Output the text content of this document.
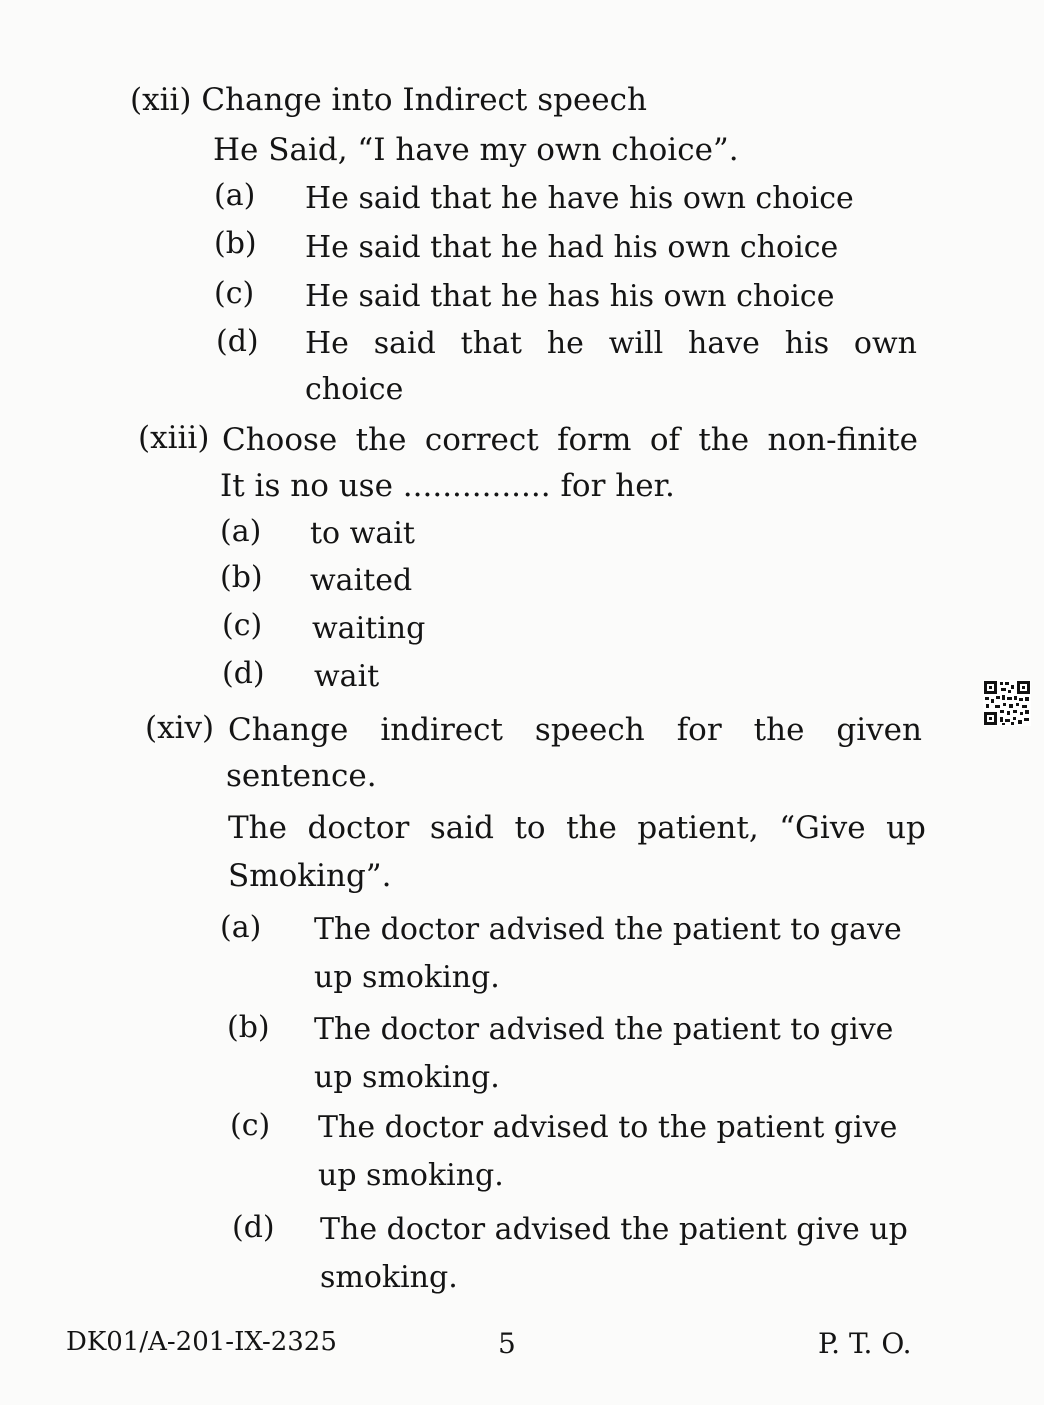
(xii) Change into Indirect speech
He Said, “I have my own choice”.
(a) He said that he have his own choice
(b) He said that he had his own choice
(c) He said that he has his own choice
(d) He said that he will have his own
choice
(xiii) Choose the correct form of the non-finite
It is no use ............... for her.
(a) to wait
(b) waited
(c) waiting
(d) wait
(xiv) Change indirect speech for the given
sentence.
The doctor said to the patient, “Give up
Smoking”.
(a) The doctor advised the patient to gave
up smoking.
(b) The doctor advised the patient to give
up smoking.
(c) The doctor advised to the patient give
up smoking.
(d) The doctor advised the patient give up
smoking.
DK01/A-201-IX-2325	5	P. T. O.
